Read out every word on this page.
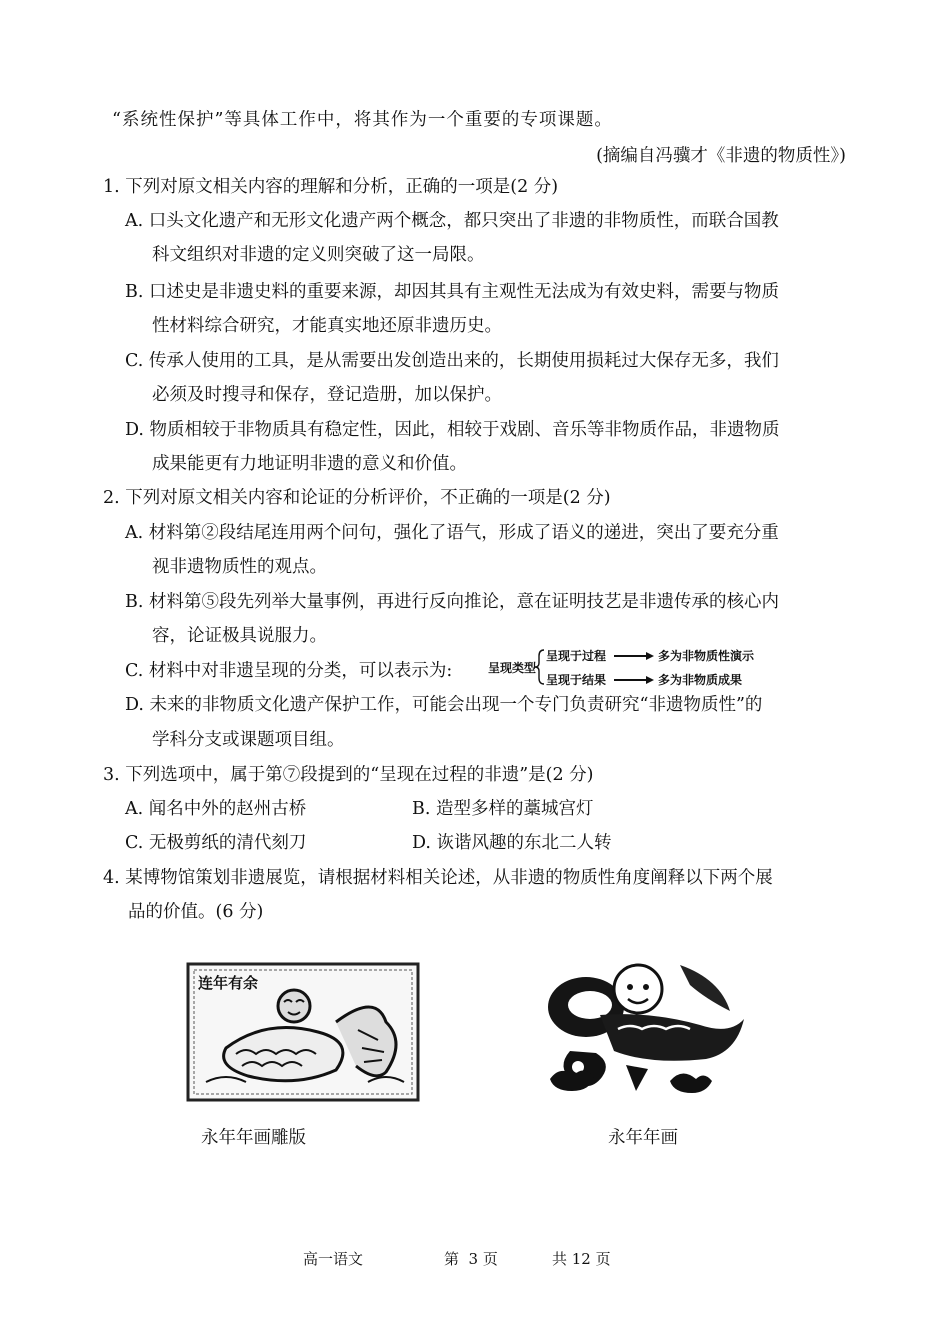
“系统性保护”等具体工作中，将其作为一个重要的专项课题。
(摘编自冯骥才《非遗的物质性》)
1. 下列对原文相关内容的理解和分析，正确的一项是(2 分)
A. 口头文化遗产和无形文化遗产两个概念，都只突出了非遗的非物质性，而联合国教
科文组织对非遗的定义则突破了这一局限。
B. 口述史是非遗史料的重要来源，却因其具有主观性无法成为有效史料，需要与物质
性材料综合研究，才能真实地还原非遗历史。
C. 传承人使用的工具，是从需要出发创造出来的，长期使用损耗过大保存无多，我们
必须及时搜寻和保存，登记造册，加以保护。
D. 物质相较于非物质具有稳定性，因此，相较于戏剧、音乐等非物质作品，非遗物质
成果能更有力地证明非遗的意义和价值。
2. 下列对原文相关内容和论证的分析评价，不正确的一项是(2 分)
A. 材料第②段结尾连用两个问句，强化了语气，形成了语义的递进，突出了要充分重
视非遗物质性的观点。
B. 材料第⑤段先列举大量事例，再进行反向推论，意在证明技艺是非遗传承的核心内
容，论证极具说服力。
C. 材料中对非遗呈现的分类，可以表示为:	呈现类型
呈现于过程	多为非物质性演示
呈现于结果	多为非物质成果
D. 未来的非物质文化遗产保护工作，可能会出现一个专门负责研究“非遗物质性”的
学科分支或课题项目组。
3. 下列选项中，属于第⑦段提到的“呈现在过程的非遗”是(2 分)
A. 闻名中外的赵州古桥	B. 造型多样的藁城宫灯
C. 无极剪纸的清代刻刀	D. 诙谐风趣的东北二人转
4. 某博物馆策划非遗展览，请根据材料相关论述，从非遗的物质性角度阐释以下两个展
品的价值。(6 分)
连年有余
永年年画雕版	永年年画
高一语文	第  3 页	共 12 页
